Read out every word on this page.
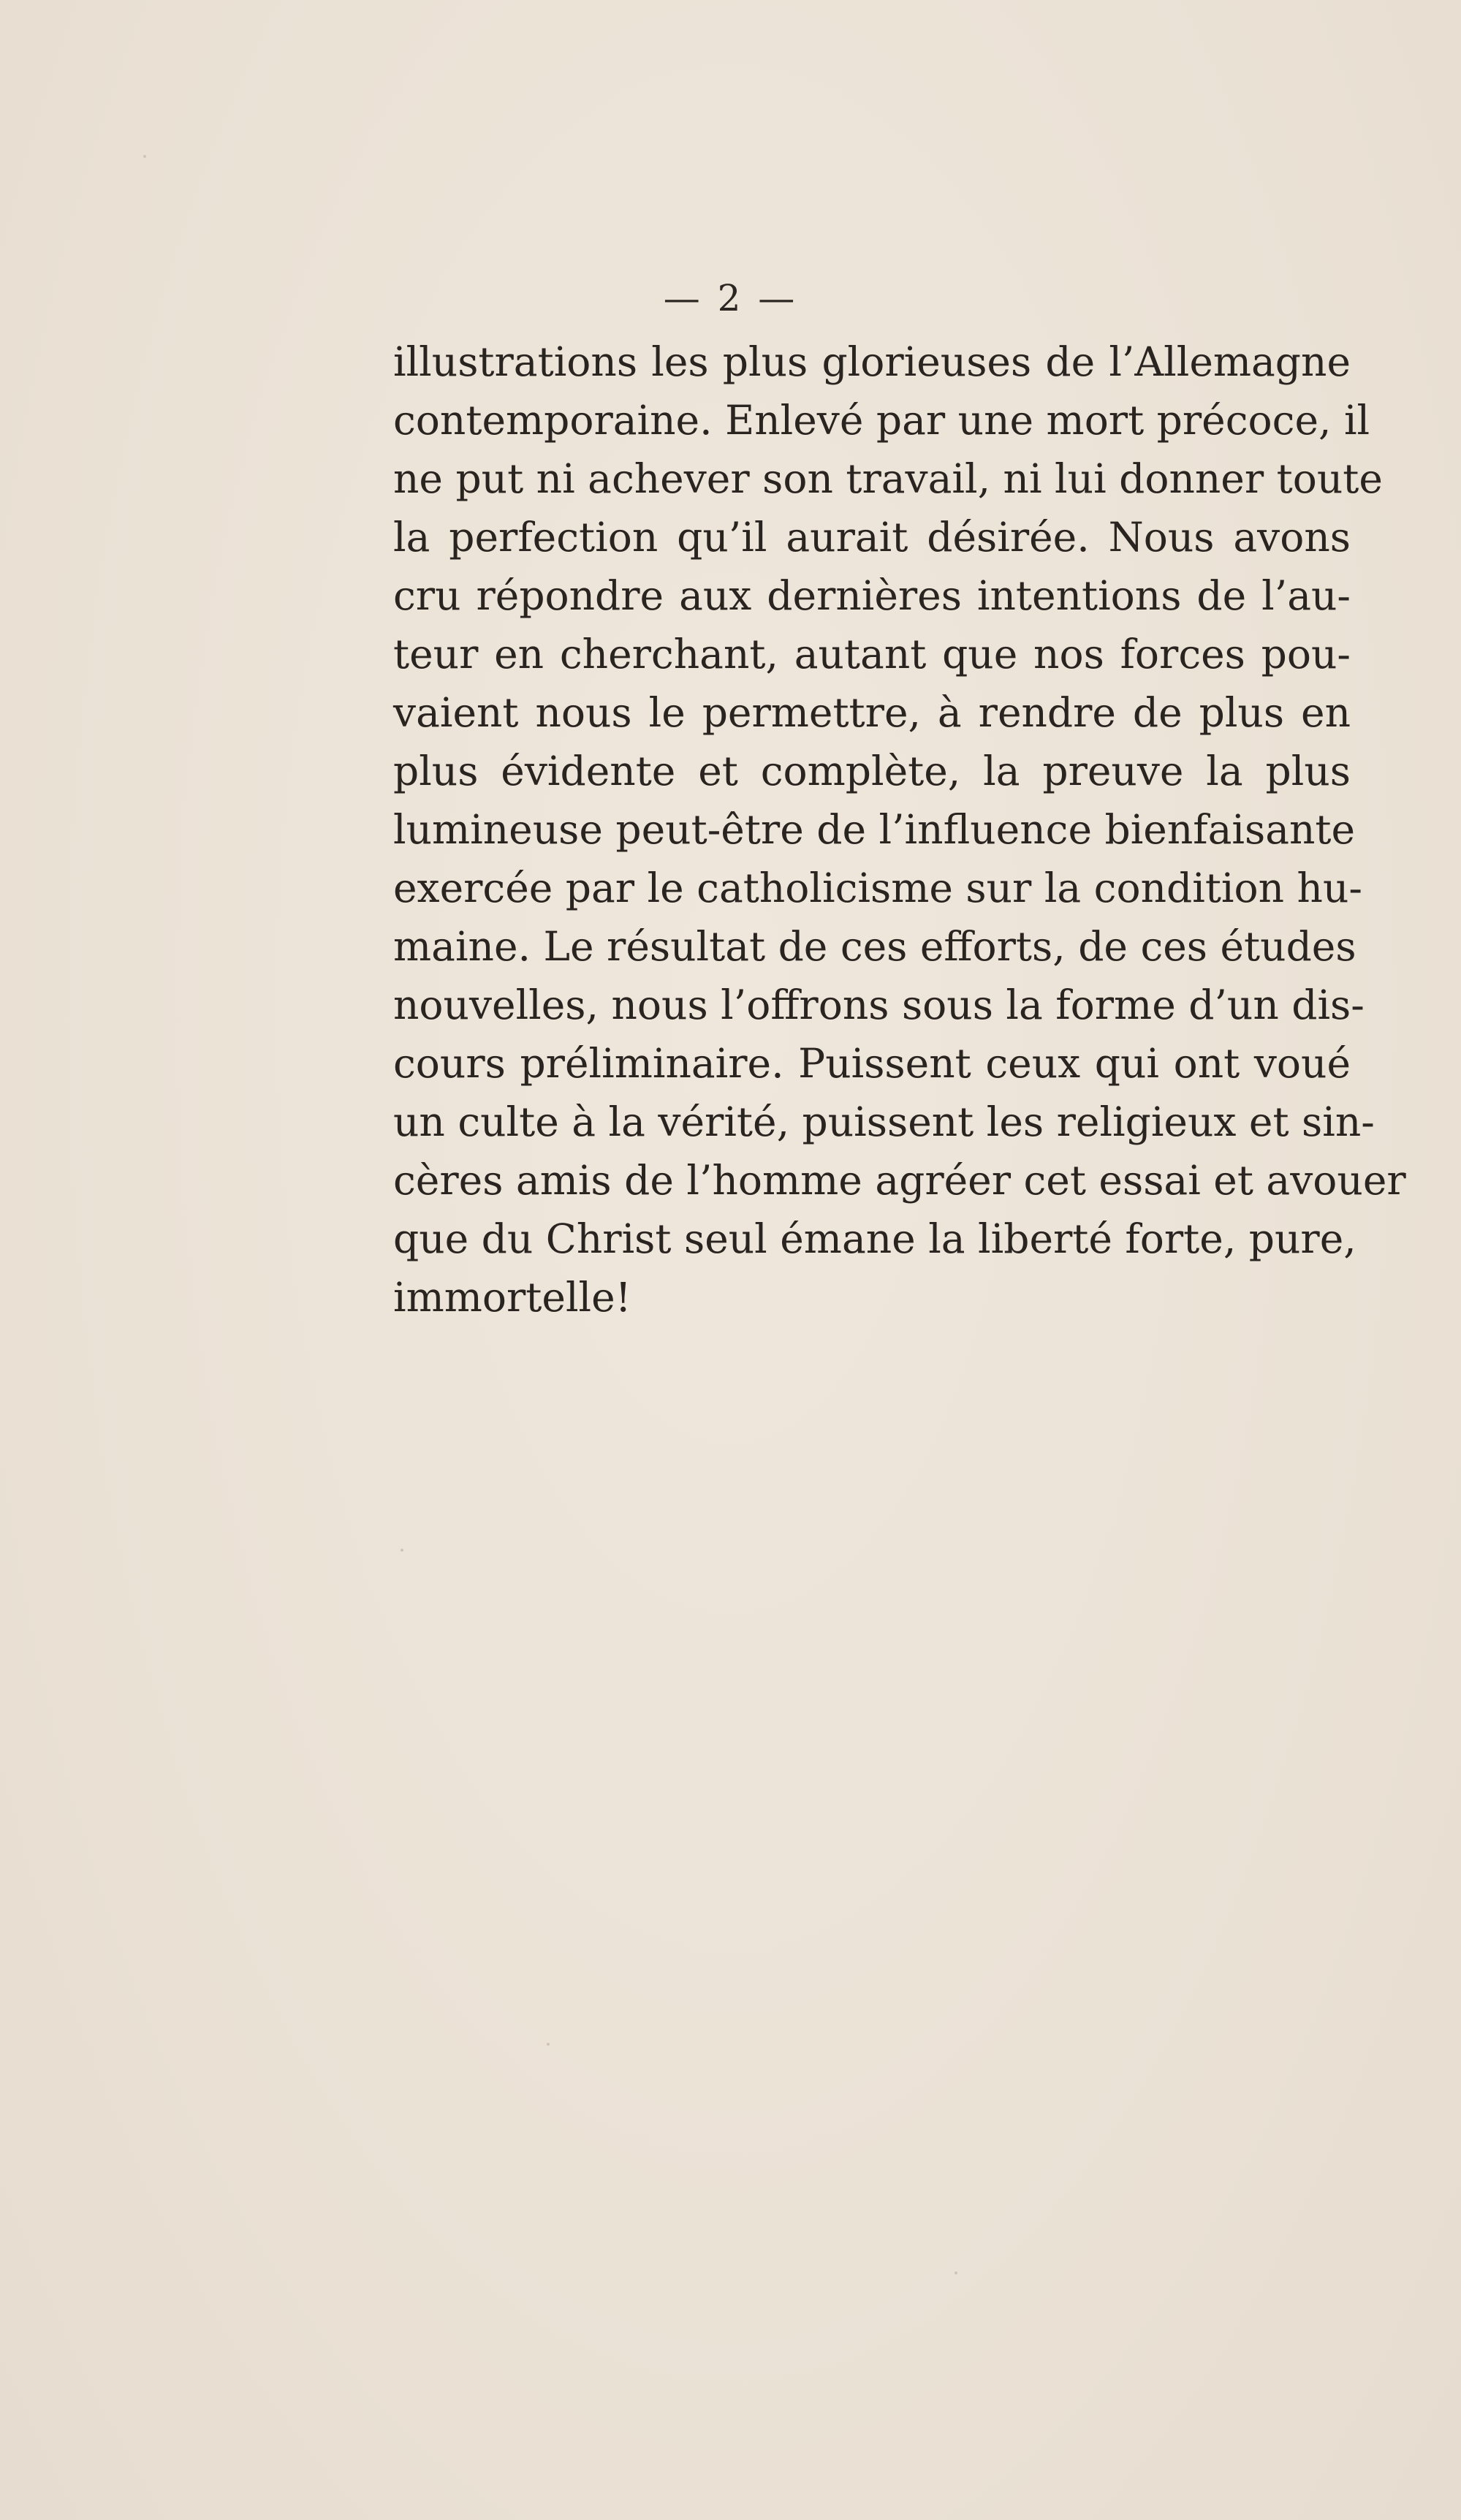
— 2 —
illustrations les plus glorieuses de l’Allemagne
contemporaine. Enlevé par une mort précoce, il
ne put ni achever son travail, ni lui donner toute
la perfection qu’il aurait désirée. Nous avons
cru répondre aux dernières intentions de l’au-
teur en cherchant, autant que nos forces pou-
vaient nous le permettre, à rendre de plus en
plus évidente et complète, la preuve la plus
lumineuse peut-être de l’influence bienfaisante
exercée par le catholicisme sur la condition hu-
maine. Le résultat de ces efforts, de ces études
nouvelles, nous l’offrons sous la forme d’un dis-
cours préliminaire. Puissent ceux qui ont voué
un culte à la vérité, puissent les religieux et sin-
cères amis de l’homme agréer cet essai et avouer
que du Christ seul émane la liberté forte, pure,
immortelle!
